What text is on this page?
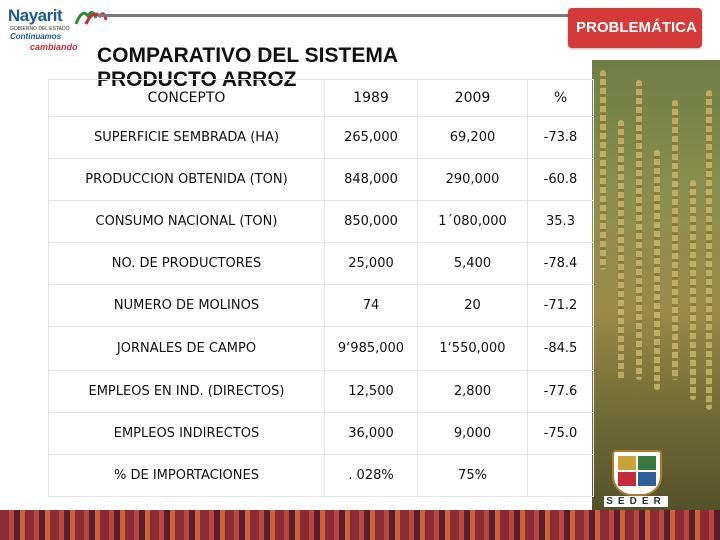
Nayarit
GOBIERNO DEL ESTADO
Continuamos
cambiando
PROBLEMÁTICA
COMPARATIVO DEL SISTEMA PRODUCTO ARROZ
CONCEPTO	1989	2009	%
SUPERFICIE SEMBRADA (HA)	265,000	69,200	-73.8
PRODUCCION OBTENIDA (TON)	848,000	290,000	-60.8
CONSUMO NACIONAL (TON)	850,000	1´080,000	35.3
NO. DE PRODUCTORES	25,000	5,400	-78.4
NUMERO DE MOLINOS	74	20	-71.2
JORNALES DE CAMPO	9‘985,000	1‘550,000	-84.5
EMPLEOS EN IND. (DIRECTOS)	12,500	2,800	-77.6
EMPLEOS INDIRECTOS	36,000	9,000	-75.0
% DE IMPORTACIONES	. 028%	75%	
SEDER
